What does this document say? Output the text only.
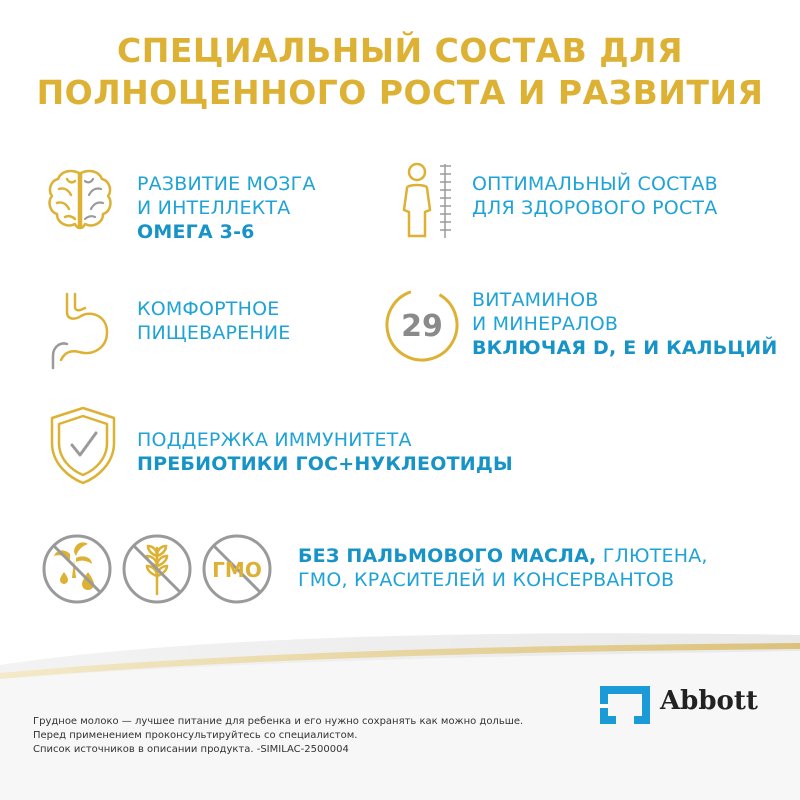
СПЕЦИАЛЬНЫЙ СОСТАВ ДЛЯ
ПОЛНОЦЕННОГО РОСТА И РАЗВИТИЯ
РАЗВИТИЕ МОЗГА
И ИНТЕЛЛЕКТА
ОМЕГА 3-6
ОПТИМАЛЬНЫЙ СОСТАВ
ДЛЯ ЗДОРОВОГО РОСТА
КОМФОРТНОЕ
ПИЩЕВАРЕНИЕ	29
ВИТАМИНОВ
И МИНЕРАЛОВ
ВКЛЮЧАЯ D, Е И КАЛЬЦИЙ
ПОДДЕРЖКА ИММУНИТЕТА
ПРЕБИОТИКИ ГОС+НУКЛЕОТИДЫ
ГМО
БЕЗ ПАЛЬМОВОГО МАСЛА, ГЛЮТЕНА,
ГМО, КРАСИТЕЛЕЙ И КОНСЕРВАНТОВ
Грудное молоко — лучшее питание для ребенка и его нужно сохранять как можно дольше.
Перед применением проконсультируйтесь со специалистом.
Список источников в описании продукта. -SIMILAC-2500004
Abbott
